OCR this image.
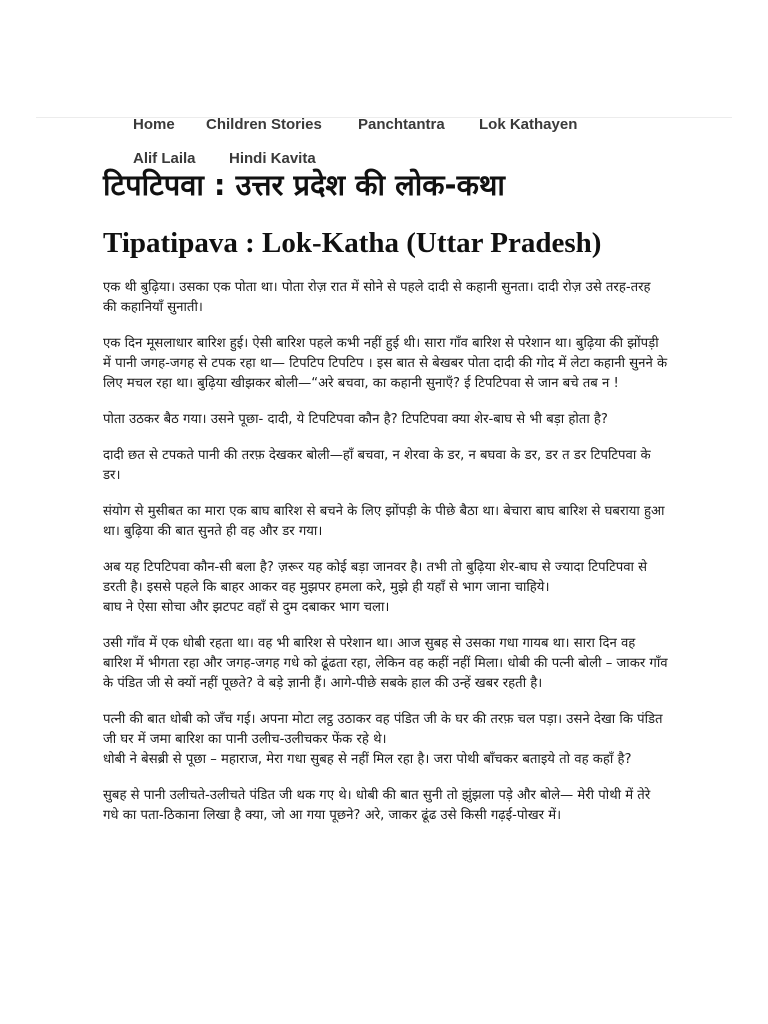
Home Children Stories Panchtantra Lok Kathayen
Alif Laila Hindi Kavita
टिपटिपवा : उत्तर प्रदेश की लोक-कथा
Tipatipava : Lok-Katha (Uttar Pradesh)

एक थी बुढ़िया। उसका एक पोता था। पोता रोज़ रात में सोने से पहले दादी से कहानी सुनता। दादी रोज़ उसे तरह-तरह की कहानियाँ सुनाती।

एक दिन मूसलाधार बारिश हुई। ऐसी बारिश पहले कभी नहीं हुई थी। सारा गाँव बारिश से परेशान था। बुढ़िया की झोंपड़ी में पानी जगह-जगह से टपक रहा था— टिपटिप टिपटिप । इस बात से बेखबर पोता दादी की गोद में लेटा कहानी सुनने के लिए मचल रहा था। बुढ़िया खीझकर बोली—“अरे बचवा, का कहानी सुनाएँ? ई टिपटिपवा से जान बचे तब न !

पोता उठकर बैठ गया। उसने पूछा- दादी, ये टिपटिपवा कौन है? टिपटिपवा क्या शेर-बाघ से भी बड़ा होता है?

दादी छत से टपकते पानी की तरफ़ देखकर बोली—हाँ बचवा, न शेरवा के डर, न बघवा के डर, डर त डर टिपटिपवा के डर।

संयोग से मुसीबत का मारा एक बाघ बारिश से बचने के लिए झोंपड़ी के पीछे बैठा था। बेचारा बाघ बारिश से घबराया हुआ था। बुढ़िया की बात सुनते ही वह और डर गया।

अब यह टिपटिपवा कौन-सी बला है? ज़रूर यह कोई बड़ा जानवर है। तभी तो बुढ़िया शेर-बाघ से ज्यादा टिपटिपवा से डरती है। इससे पहले कि बाहर आकर वह मुझपर हमला करे, मुझे ही यहाँ से भाग जाना चाहिये।
बाघ ने ऐसा सोचा और झटपट वहाँ से दुम दबाकर भाग चला।

उसी गाँव में एक धोबी रहता था। वह भी बारिश से परेशान था। आज सुबह से उसका गधा गायब था। सारा दिन वह बारिश में भीगता रहा और जगह-जगह गधे को ढूंढता रहा, लेकिन वह कहीं नहीं मिला। धोबी की पत्नी बोली – जाकर गाँव के पंडित जी से क्यों नहीं पूछते? वे बड़े ज्ञानी हैं। आगे-पीछे सबके हाल की उन्हें खबर रहती है।

पत्नी की बात धोबी को जँच गई। अपना मोटा लट्ठ उठाकर वह पंडित जी के घर की तरफ़ चल पड़ा। उसने देखा कि पंडित जी घर में जमा बारिश का पानी उलीच-उलीचकर फेंक रहे थे।
धोबी ने बेसब्री से पूछा – महाराज, मेरा गधा सुबह से नहीं मिल रहा है। जरा पोथी बाँचकर बताइये तो वह कहाँ है?

सुबह से पानी उलीचते-उलीचते पंडित जी थक गए थे। धोबी की बात सुनी तो झुंझला पड़े और बोले— मेरी पोथी में तेरे गधे का पता-ठिकाना लिखा है क्या, जो आ गया पूछने? अरे, जाकर ढूंढ उसे किसी गढ़ई-पोखर में।
